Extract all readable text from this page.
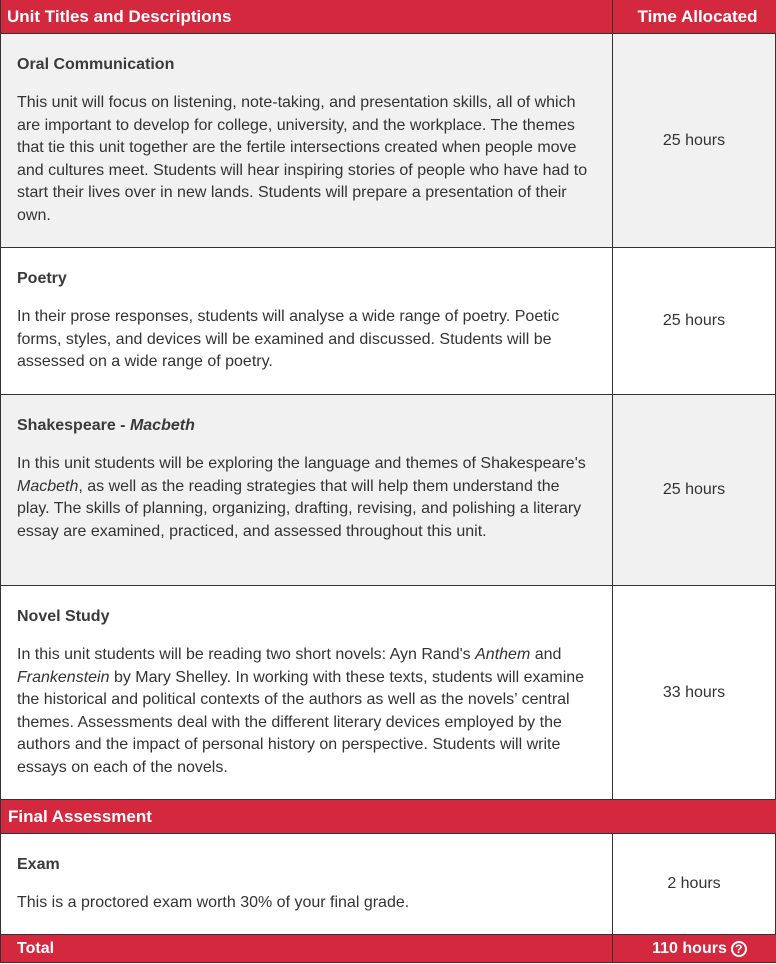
Unit Titles and Descriptions	Time Allocated

Oral Communication

This unit will focus on listening, note-taking, and presentation skills, all of which are important to develop for college, university, and the workplace. The themes that tie this unit together are the fertile intersections created when people move and cultures meet. Students will hear inspiring stories of people who have had to start their lives over in new lands. Students will prepare a presentation of their own.

25 hours

Poetry

In their prose responses, students will analyse a wide range of poetry. Poetic forms, styles, and devices will be examined and discussed. Students will be assessed on a wide range of poetry.

25 hours

Shakespeare - Macbeth

In this unit students will be exploring the language and themes of Shakespeare's Macbeth, as well as the reading strategies that will help them understand the play. The skills of planning, organizing, drafting, revising, and polishing a literary essay are examined, practiced, and assessed throughout this unit.

25 hours

Novel Study

In this unit students will be reading two short novels: Ayn Rand's Anthem and Frankenstein by Mary Shelley. In working with these texts, students will examine the historical and political contexts of the authors as well as the novels’ central themes. Assessments deal with the different literary devices employed by the authors and the impact of personal history on perspective. Students will write essays on each of the novels.

33 hours
Final Assessment

Exam

This is a proctored exam worth 30% of your final grade.

2 hours
Total	110 hours ?
